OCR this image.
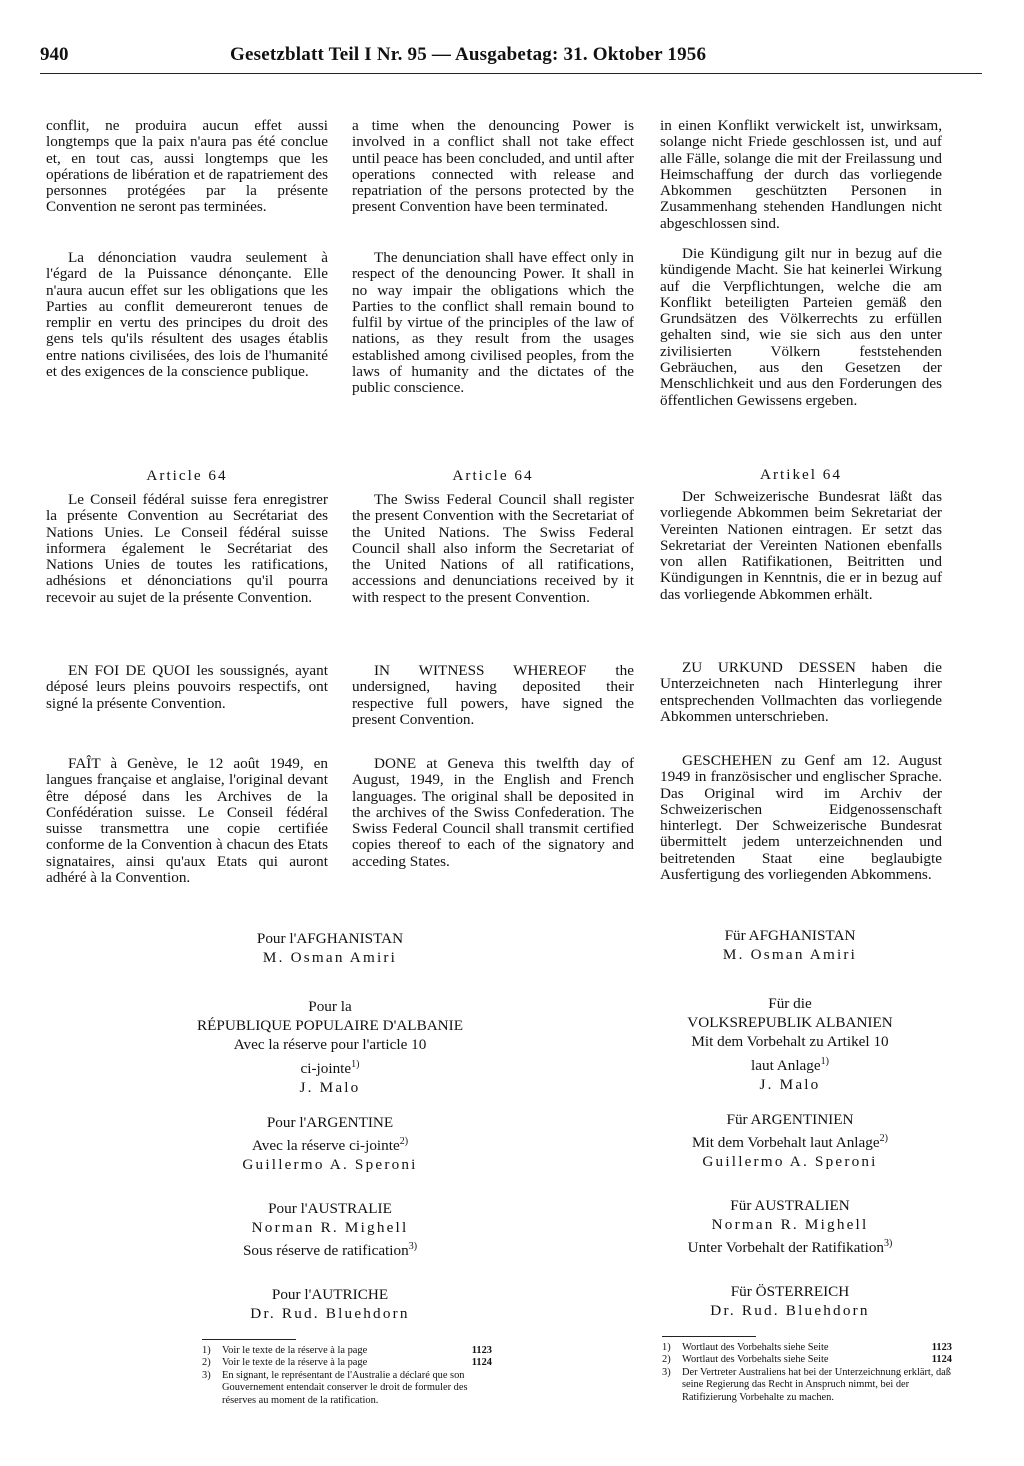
940	Gesetzblatt Teil I Nr. 95 — Ausgabetag: 31. Oktober 1956

conflit, ne produira aucun effet aussi longtemps que la paix n'aura pas été conclue et, en tout cas, aussi longtemps que les opérations de libération et de rapatriement des personnes protégées par la présente Convention ne seront pas terminées.

La dénonciation vaudra seulement à l'égard de la Puissance dénonçante. Elle n'aura aucun effet sur les obligations que les Parties au conflit demeureront tenues de remplir en vertu des principes du droit des gens tels qu'ils résultent des usages établis entre nations civilisées, des lois de l'humanité et des exigences de la conscience publique.

Article 64

Le Conseil fédéral suisse fera enregistrer la présente Convention au Secrétariat des Nations Unies. Le Conseil fédéral suisse informera également le Secrétariat des Nations Unies de toutes les ratifications, adhésions et dénonciations qu'il pourra recevoir au sujet de la présente Convention.

EN FOI DE QUOI les soussignés, ayant déposé leurs pleins pouvoirs respectifs, ont signé la présente Convention.

FAÎT à Genève, le 12 août 1949, en langues française et anglaise, l'original devant être déposé dans les Archives de la Confédération suisse. Le Conseil fédéral suisse transmettra une copie certifiée conforme de la Convention à chacun des Etats signataires, ainsi qu'aux Etats qui auront adhéré à la Convention.

a time when the denouncing Power is involved in a conflict shall not take effect until peace has been concluded, and until after operations connected with release and repatriation of the persons protected by the present Convention have been terminated.

The denunciation shall have effect only in respect of the denouncing Power. It shall in no way impair the obligations which the Parties to the conflict shall remain bound to fulfil by virtue of the principles of the law of nations, as they result from the usages established among civilised peoples, from the laws of humanity and the dictates of the public conscience.

Article 64

The Swiss Federal Council shall register the present Convention with the Secretariat of the United Nations. The Swiss Federal Council shall also inform the Secretariat of the United Nations of all ratifications, accessions and denunciations received by it with respect to the present Convention.

IN WITNESS WHEREOF the undersigned, having deposited their respective full powers, have signed the present Convention.

DONE at Geneva this twelfth day of August, 1949, in the English and French languages. The original shall be deposited in the archives of the Swiss Confederation. The Swiss Federal Council shall transmit certified copies thereof to each of the signatory and acceding States.

in einen Konflikt verwickelt ist, unwirksam, solange nicht Friede geschlossen ist, und auf alle Fälle, solange die mit der Freilassung und Heimschaffung der durch das vorliegende Abkommen geschützten Personen in Zusammenhang stehenden Handlungen nicht abgeschlossen sind.

Die Kündigung gilt nur in bezug auf die kündigende Macht. Sie hat keinerlei Wirkung auf die Verpflichtungen, welche die am Konflikt beteiligten Parteien gemäß den Grundsätzen des Völkerrechts zu erfüllen gehalten sind, wie sie sich aus den unter zivilisierten Völkern feststehenden Gebräuchen, aus den Gesetzen der Menschlichkeit und aus den Forderungen des öffentlichen Gewissens ergeben.

Artikel 64

Der Schweizerische Bundesrat läßt das vorliegende Abkommen beim Sekretariat der Vereinten Nationen eintragen. Er setzt das Sekretariat der Vereinten Nationen ebenfalls von allen Ratifikationen, Beitritten und Kündigungen in Kenntnis, die er in bezug auf das vorliegende Abkommen erhält.

ZU URKUND DESSEN haben die Unterzeichneten nach Hinterlegung ihrer entsprechenden Vollmachten das vorliegende Abkommen unterschrieben.

GESCHEHEN zu Genf am 12. August 1949 in französischer und englischer Sprache. Das Original wird im Archiv der Schweizerischen Eidgenossenschaft hinterlegt. Der Schweizerische Bundesrat übermittelt jedem unterzeichnenden und beitretenden Staat eine beglaubigte Ausfertigung des vorliegenden Abkommens.

Pour l'AFGHANISTAN
M. Osman Amiri
Pour la
RÉPUBLIQUE POPULAIRE D'ALBANIE
Avec la réserve pour l'article 10
ci-jointe$^{1)}$
J. Malo
Pour l'ARGENTINE
Avec la réserve ci-jointe$^{2)}$
Guillermo A. Speroni
Pour l'AUSTRALIE
Norman R. Mighell
Sous réserve de ratification$^{3)}$
Pour l'AUTRICHE
Dr. Rud. Bluehdorn
Für AFGHANISTAN
M. Osman Amiri
Für die
VOLKSREPUBLIK ALBANIEN
Mit dem Vorbehalt zu Artikel 10
laut Anlage$^{1)}$
J. Malo
Für ARGENTINIEN
Mit dem Vorbehalt laut Anlage$^{2)}$
Guillermo A. Speroni
Für AUSTRALIEN
Norman R. Mighell
Unter Vorbehalt der Ratifikation$^{3)}$
Für ÖSTERREICH
Dr. Rud. Bluehdorn
1)	Voir le texte de la réserve à la page	1123
2)	Voir le texte de la réserve à la page	1124
3)	En signant, le représentant de l'Australie a déclaré que son Gouvernement entendait conserver le droit de formuler des réserves au moment de la ratification.
1)	Wortlaut des Vorbehalts siehe Seite	1123
2)	Wortlaut des Vorbehalts siehe Seite	1124
3)	Der Vertreter Australiens hat bei der Unterzeichnung erklärt, daß seine Regierung das Recht in Anspruch nimmt, bei der Ratifizierung Vorbehalte zu machen.
